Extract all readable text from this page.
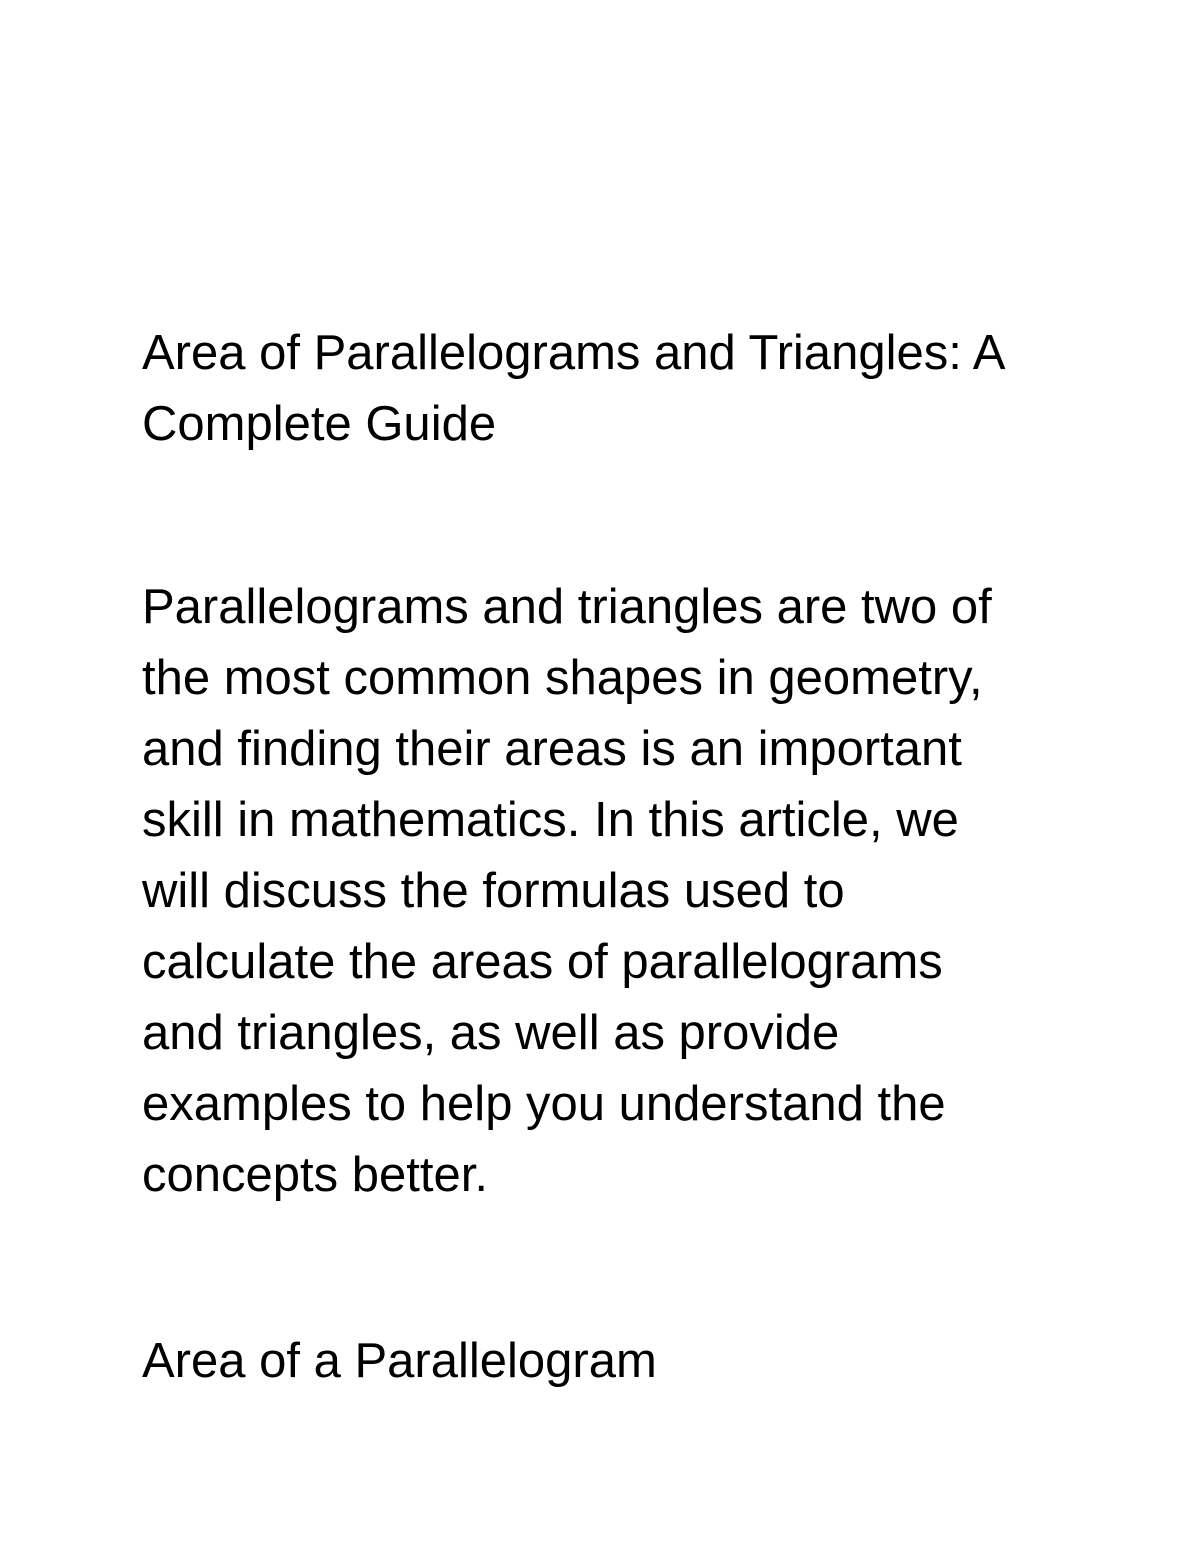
Area of Parallelograms and Triangles: A
Complete Guide

Parallelograms and triangles are two of
the most common shapes in geometry,
and finding their areas is an important
skill in mathematics. In this article, we
will discuss the formulas used to
calculate the areas of parallelograms
and triangles, as well as provide
examples to help you understand the
concepts better.

Area of a Parallelogram
